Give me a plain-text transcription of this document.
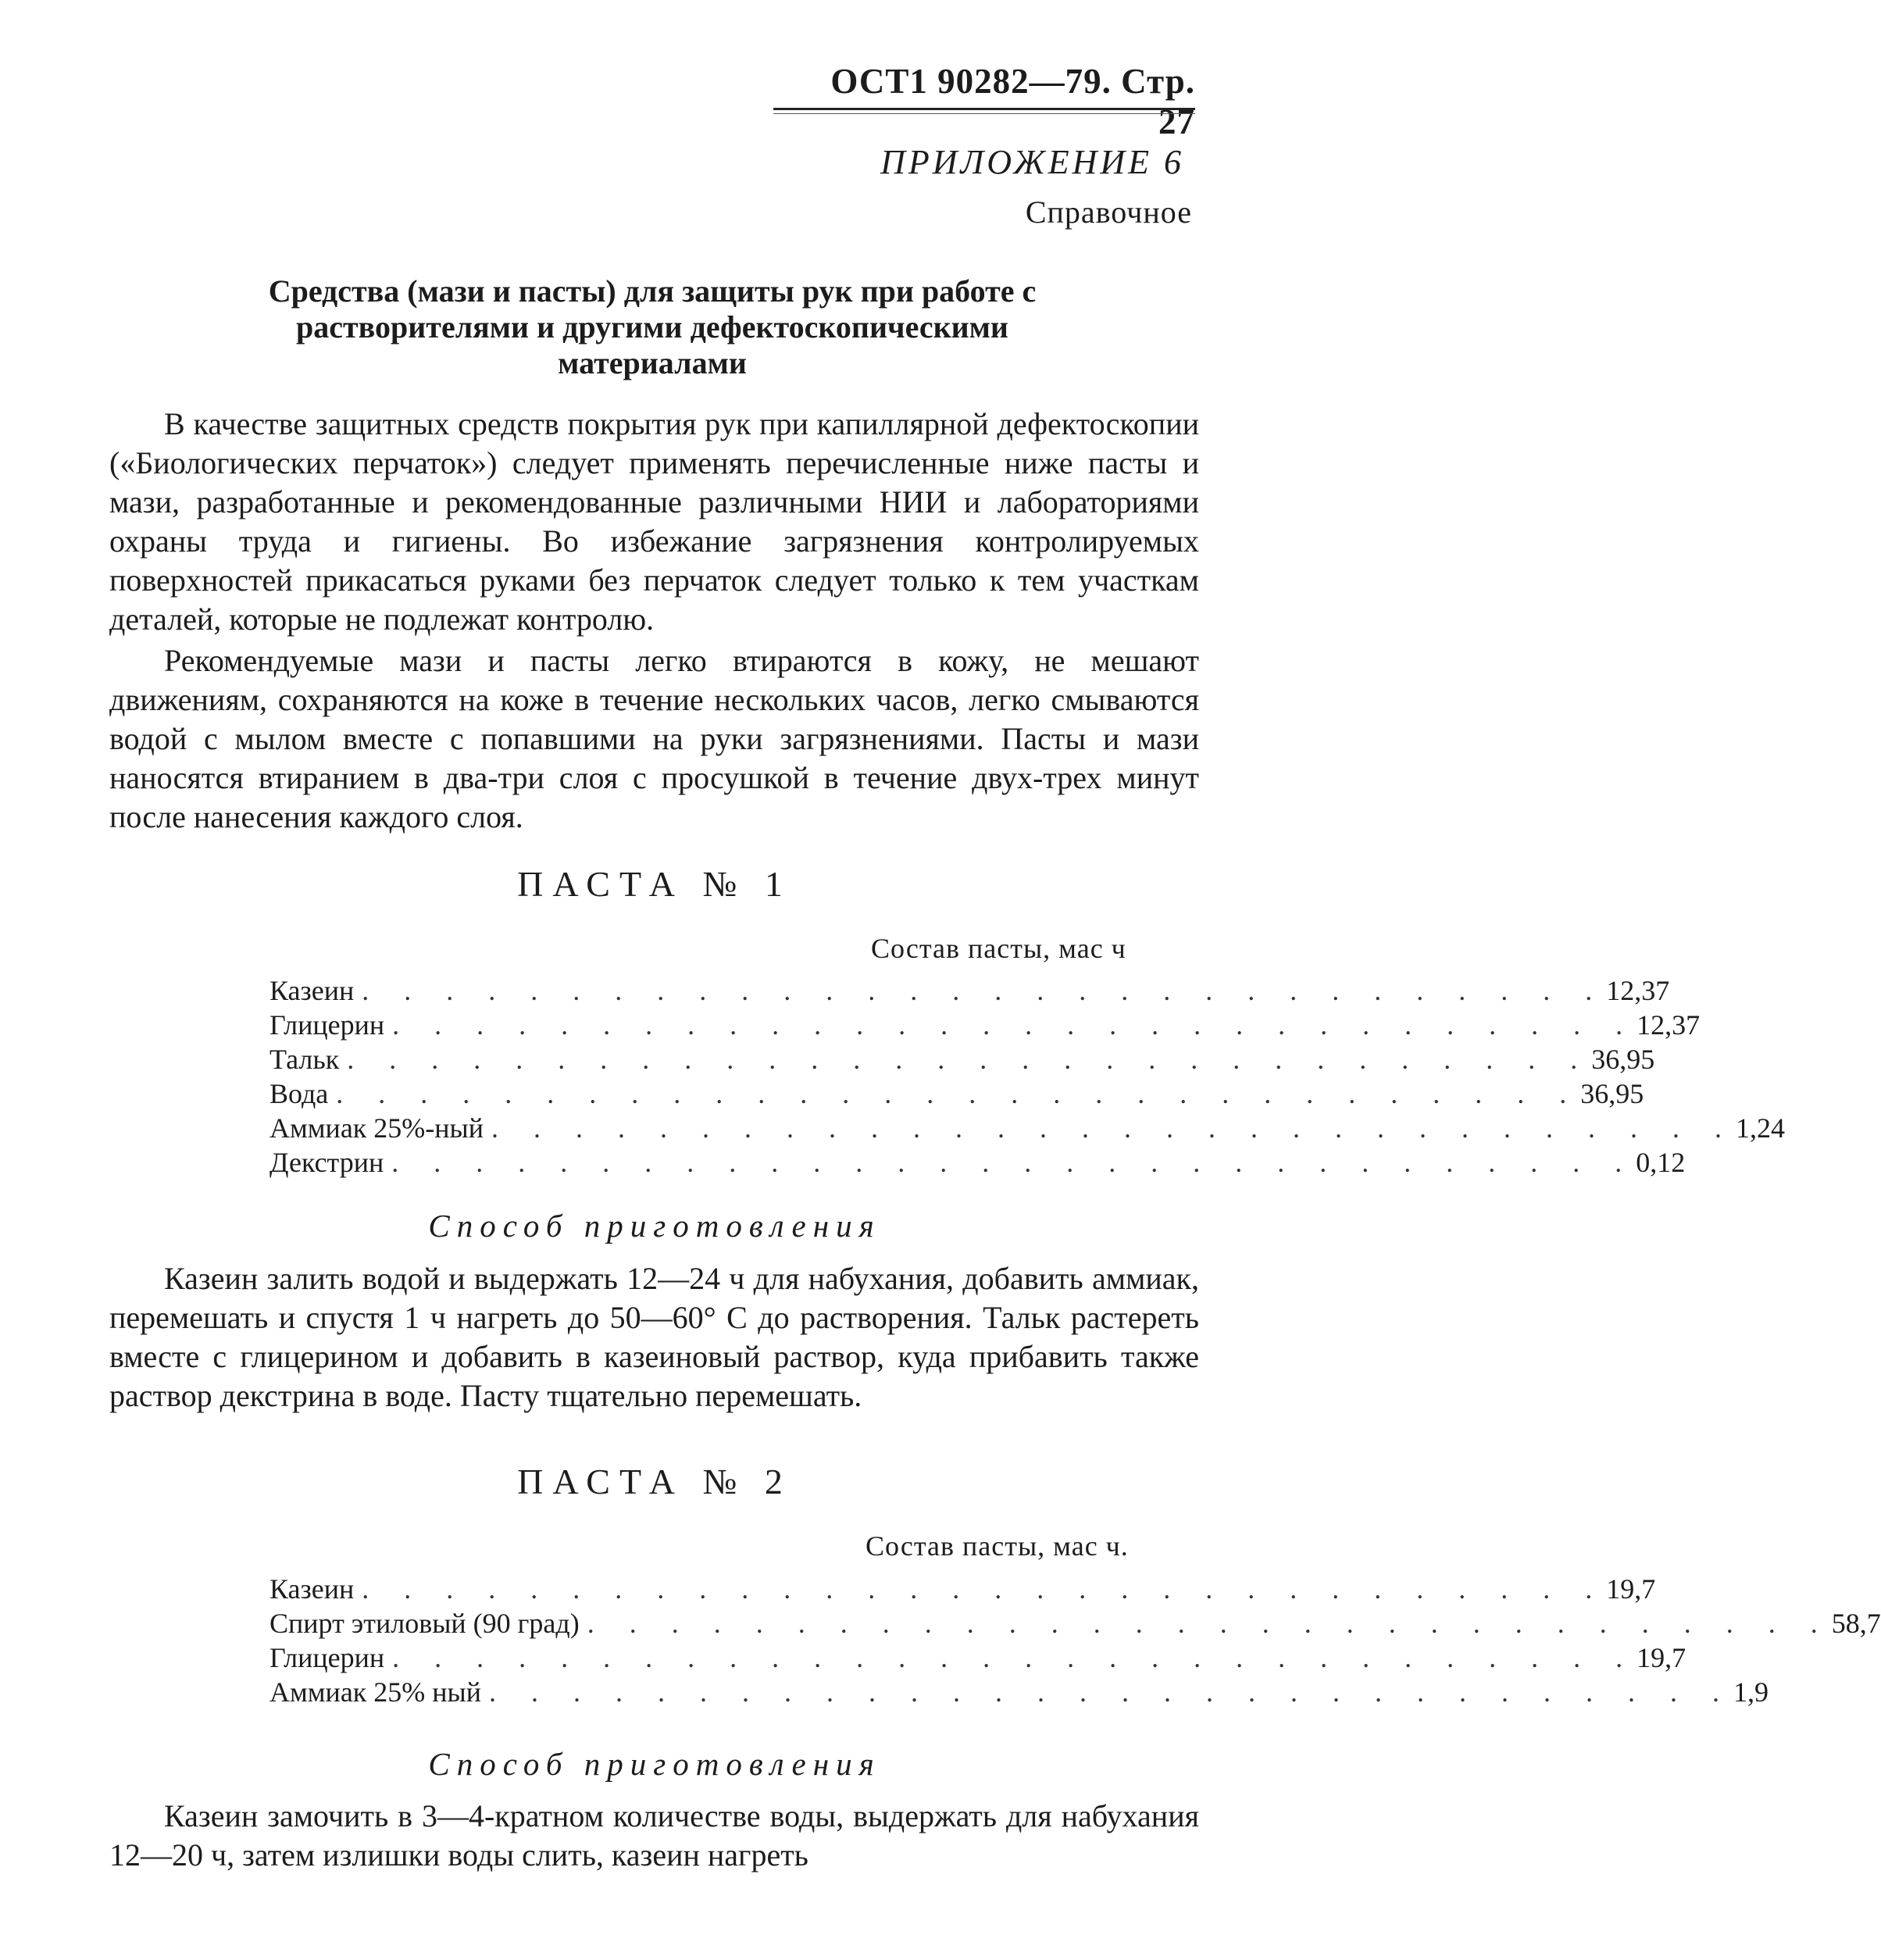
ОСТ1 90282—79. Стр. 27
ПРИЛОЖЕНИЕ 6
Справочное
Средства (мази и пасты) для защиты рук при работе с растворителями и другими дефектоскопическими материалами
В качестве защитных средств покрытия рук при капиллярной дефектоскопии («Биологических перчаток») следует применять перечисленные ниже пасты и мази, разработанные и рекомендованные различными НИИ и лабораториями охраны труда и гигиены. Во избежание загрязнения контролируемых поверхностей прикасаться руками без перчаток следует только к тем участкам деталей, которые не подлежат контролю.
Рекомендуемые мази и пасты легко втираются в кожу, не мешают движениям, сохраняются на коже в течение нескольких часов, легко смываются водой с мылом вместе с попавшими на руки загрязнениями. Пасты и мази наносятся втиранием в два-три слоя с просушкой в течение двух-трех минут после нанесения каждого слоя.
ПАСТА № 1
Состав пасты, мас ч
Казеин . . . . . . . . . . . . . . . . . . . . . . . . . . . . . . 12,37
Глицерин . . . . . . . . . . . . . . . . . . . . . . . . . . . . . . 12,37
Тальк . . . . . . . . . . . . . . . . . . . . . . . . . . . . . . 36,95
Вода . . . . . . . . . . . . . . . . . . . . . . . . . . . . . . 36,95
Аммиак 25%-ный . . . . . . . . . . . . . . . . . . . . . . . . . . . . . . 1,24
Декстрин . . . . . . . . . . . . . . . . . . . . . . . . . . . . . . 0,12
Способ приготовления
Казеин залить водой и выдержать 12—24 ч для набухания, добавить аммиак, перемешать и спустя 1 ч нагреть до 50—60° С до растворения. Тальк растереть вместе с глицерином и добавить в казеиновый раствор, куда прибавить также раствор декстрина в воде. Пасту тщательно перемешать.
ПАСТА № 2
Состав пасты, мас ч.
Казеин . . . . . . . . . . . . . . . . . . . . . . . . . . . . . . 19,7
Спирт этиловый (90 град) . . . . . . . . . . . . . . . . . . . . . . . . . . . . . . 58,7
Глицерин . . . . . . . . . . . . . . . . . . . . . . . . . . . . . . 19,7
Аммиак 25% ный . . . . . . . . . . . . . . . . . . . . . . . . . . . . . . 1,9
Способ приготовления
Казеин замочить в 3—4-кратном количестве воды, выдержать для набухания 12—20 ч, затем излишки воды слить, казеин нагреть
